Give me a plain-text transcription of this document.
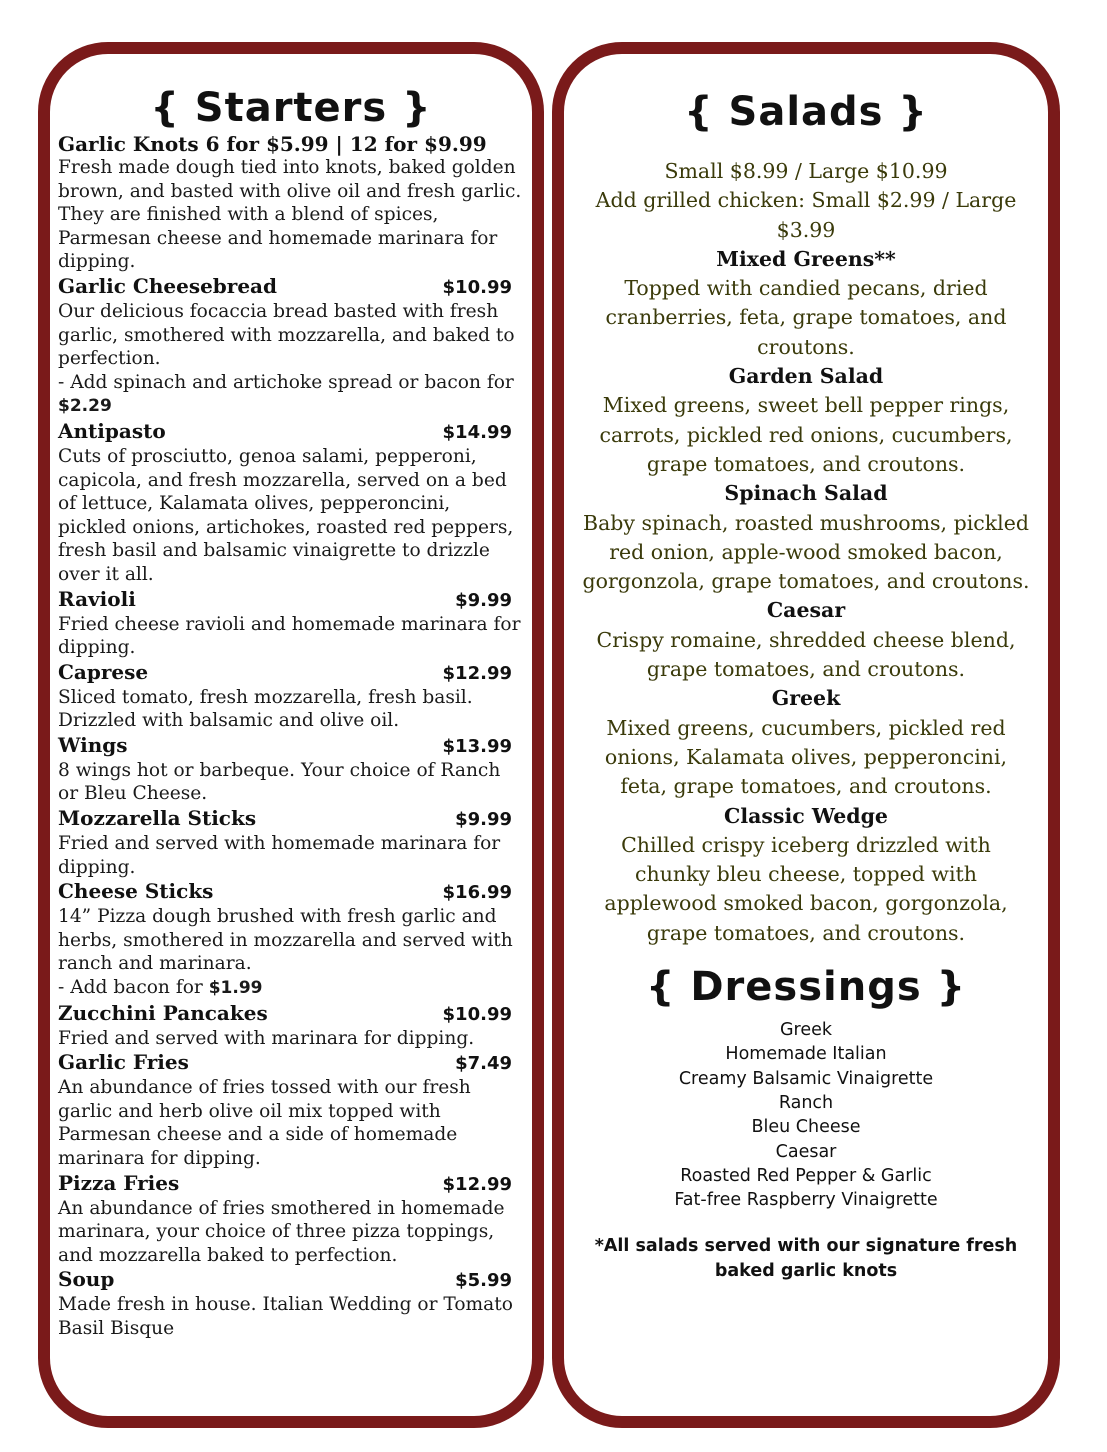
{ Starters }
Garlic Knots 6 for $5.99 | 12 for $9.99
Fresh made dough tied into knots, baked golden brown, and basted with olive oil and fresh garlic. They are finished with a blend of spices, Parmesan cheese and homemade marinara for dipping.
Garlic Cheesebread	$10.99
Our delicious focaccia bread basted with fresh garlic, smothered with mozzarella, and baked to perfection.
- Add spinach and artichoke spread or bacon for $2.29
Antipasto	$14.99
Cuts of prosciutto, genoa salami, pepperoni, capicola, and fresh mozzarella, served on a bed of lettuce, Kalamata olives, pepperoncini, pickled onions, artichokes, roasted red peppers, fresh basil and balsamic vinaigrette to drizzle over it all.
Ravioli	$9.99
Fried cheese ravioli and homemade marinara for dipping.
Caprese	$12.99
Sliced tomato, fresh mozzarella, fresh basil. Drizzled with balsamic and olive oil.
Wings	$13.99
8 wings hot or barbeque. Your choice of Ranch or Bleu Cheese.
Mozzarella Sticks	$9.99
Fried and served with homemade marinara for dipping.
Cheese Sticks	$16.99
14” Pizza dough brushed with fresh garlic and herbs, smothered in mozzarella and served with ranch and marinara.
- Add bacon for $1.99
Zucchini Pancakes	$10.99
Fried and served with marinara for dipping.
Garlic Fries	$7.49
An abundance of fries tossed with our fresh garlic and herb olive oil mix topped with Parmesan cheese and a side of homemade marinara for dipping.
Pizza Fries	$12.99
An abundance of fries smothered in homemade marinara, your choice of three pizza toppings, and mozzarella baked to perfection.
Soup	$5.99
Made fresh in house. Italian Wedding or Tomato Basil Bisque
{ Salads }
Small $8.99 / Large $10.99
Add grilled chicken: Small $2.99 / Large $3.99
Mixed Greens**
Topped with candied pecans, dried cranberries, feta, grape tomatoes, and croutons.
Garden Salad
Mixed greens, sweet bell pepper rings, carrots, pickled red onions, cucumbers, grape tomatoes, and croutons.
Spinach Salad
Baby spinach, roasted mushrooms, pickled red onion, apple-wood smoked bacon, gorgonzola, grape tomatoes, and croutons.
Caesar
Crispy romaine, shredded cheese blend, grape tomatoes, and croutons.
Greek
Mixed greens, cucumbers, pickled red onions, Kalamata olives, pepperoncini, feta, grape tomatoes, and croutons.
Classic Wedge
Chilled crispy iceberg drizzled with chunky bleu cheese, topped with applewood smoked bacon, gorgonzola, grape tomatoes, and croutons.
{ Dressings }
Greek
Homemade Italian
Creamy Balsamic Vinaigrette
Ranch
Bleu Cheese
Caesar
Roasted Red Pepper & Garlic
Fat-free Raspberry Vinaigrette
*All salads served with our signature fresh baked garlic knots
